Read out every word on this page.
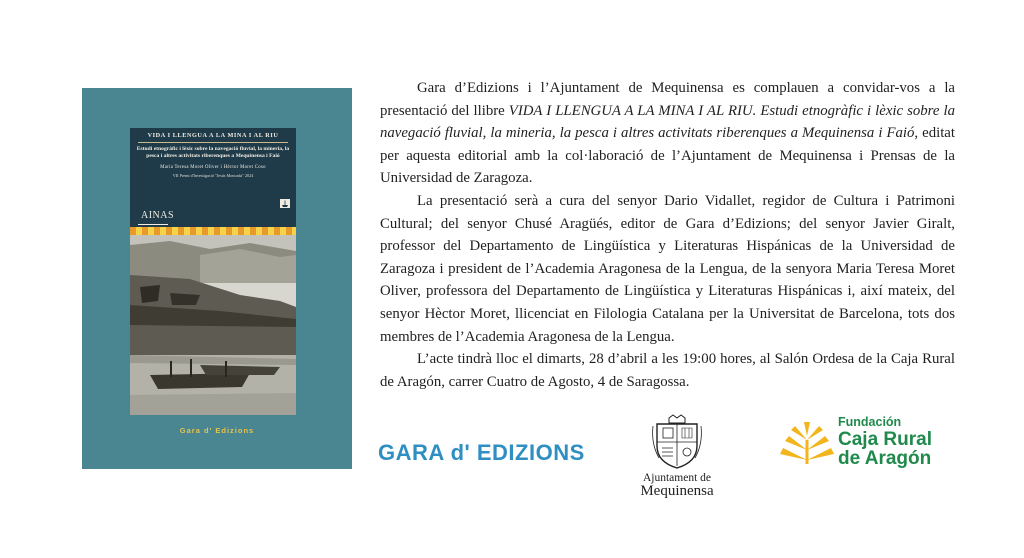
VIDA I LLENGUA A LA MINA I AL RIU
Estudi etnogràfic i lèxic sobre la navegació fluvial, la mineria, la pesca i altres activitats riberenques a Mequinensa i Faió
Maria Teresa Moret Oliver i Hèctor Moret Coso
VII Premi d'Investigació "Jesús Moncada" 2024
AINAS
Gara d' Edizions

Gara d’Edizions i l’Ajuntament de Mequinensa es complauen a convidar-vos a la presentació del llibre VIDA I LLENGUA A LA MINA I AL RIU. Estudi etnogràfic i lèxic sobre la navegació fluvial, la mineria, la pesca i altres activitats riberenques a Mequinensa i Faió, editat per aquesta editorial amb la col·laboració de l’Ajuntament de Mequinensa i Prensas de la Universidad de Zaragoza.

La presentació serà a cura del senyor Dario Vidallet, regidor de Cultura i Patrimoni Cultural; del senyor Chusé Aragüés, editor de Gara d’Edizions; del senyor Javier Giralt, professor del Departamento de Lingüística y Literaturas Hispánicas de la Universidad de Zaragoza i president de l’Academia Aragonesa de la Lengua, de la senyora Maria Teresa Moret Oliver, professora del Departamento de Lingüística y Literaturas Hispánicas i, així mateix, del senyor Hèctor Moret, llicenciat en Filologia Catalana per la Universitat de Barcelona, tots dos membres de l’Academia Aragonesa de la Lengua.

L’acte tindrà lloc el dimarts, 28 d’abril a les 19:00 hores, al Salón Ordesa de la Caja Rural de Aragón, carrer Cuatro de Agosto, 4 de Saragossa.

GARA d' EDIZIONS
Ajuntament de
Mequinensa
Fundación
Caja Rural
de Aragón
